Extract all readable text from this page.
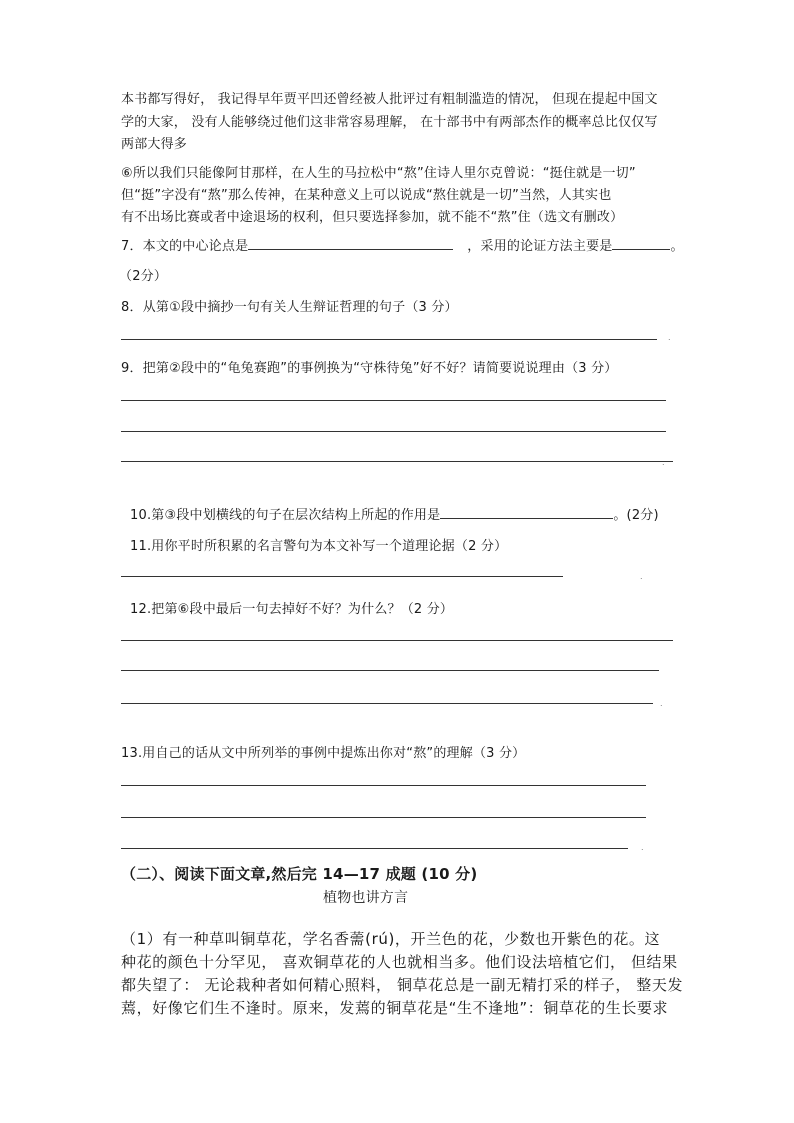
本书都写得好， 我记得早年贾平凹还曾经被人批评过有粗制滥造的情况， 但现在提起中国文
学的大家， 没有人能够绕过他们这非常容易理解， 在十部书中有两部杰作的概率总比仅仅写
两部大得多
⑥所以我们只能像阿甘那样，在人生的马拉松中“熬”住诗人里尔克曾说：“挺住就是一切”
但“挺”字没有“熬”那么传神，在某种意义上可以说成“熬住就是一切”当然，人其实也
有不出场比赛或者中途退场的权利，但只要选择参加，就不能不“熬”住（选文有删改）
7．本文的中心论点是	，采用的论证方法主要是	。
（2分）
8．从第①段中摘抄一句有关人生辩证哲理的句子（3 分）
.
9．把第②段中的“龟兔赛跑”的事例换为“守株待兔”好不好？请简要说说理由（3 分）
.
10.第③段中划横线的句子在层次结构上所起的作用是	。(2分)
11.用你平时所积累的名言警句为本文补写一个道理论据（2 分）
.
12.把第⑥段中最后一句去掉好不好？为什么？（2 分）
.
13.用自己的话从文中所列举的事例中提炼出你对“熬”的理解（3 分）
.
（二）、阅读下面文章,然后完 14—17 成题 (10 分)
植物也讲方言
（1）有一种草叫铜草花，学名香薷(rú)，开兰色的花，少数也开紫色的花。这
种花的颜色十分罕见， 喜欢铜草花的人也就相当多。他们设法培植它们， 但结果
都失望了： 无论栽种者如何精心照料， 铜草花总是一副无精打采的样子， 整天发
蔫，好像它们生不逢时。原来，发蔫的铜草花是“生不逢地”：铜草花的生长要求
